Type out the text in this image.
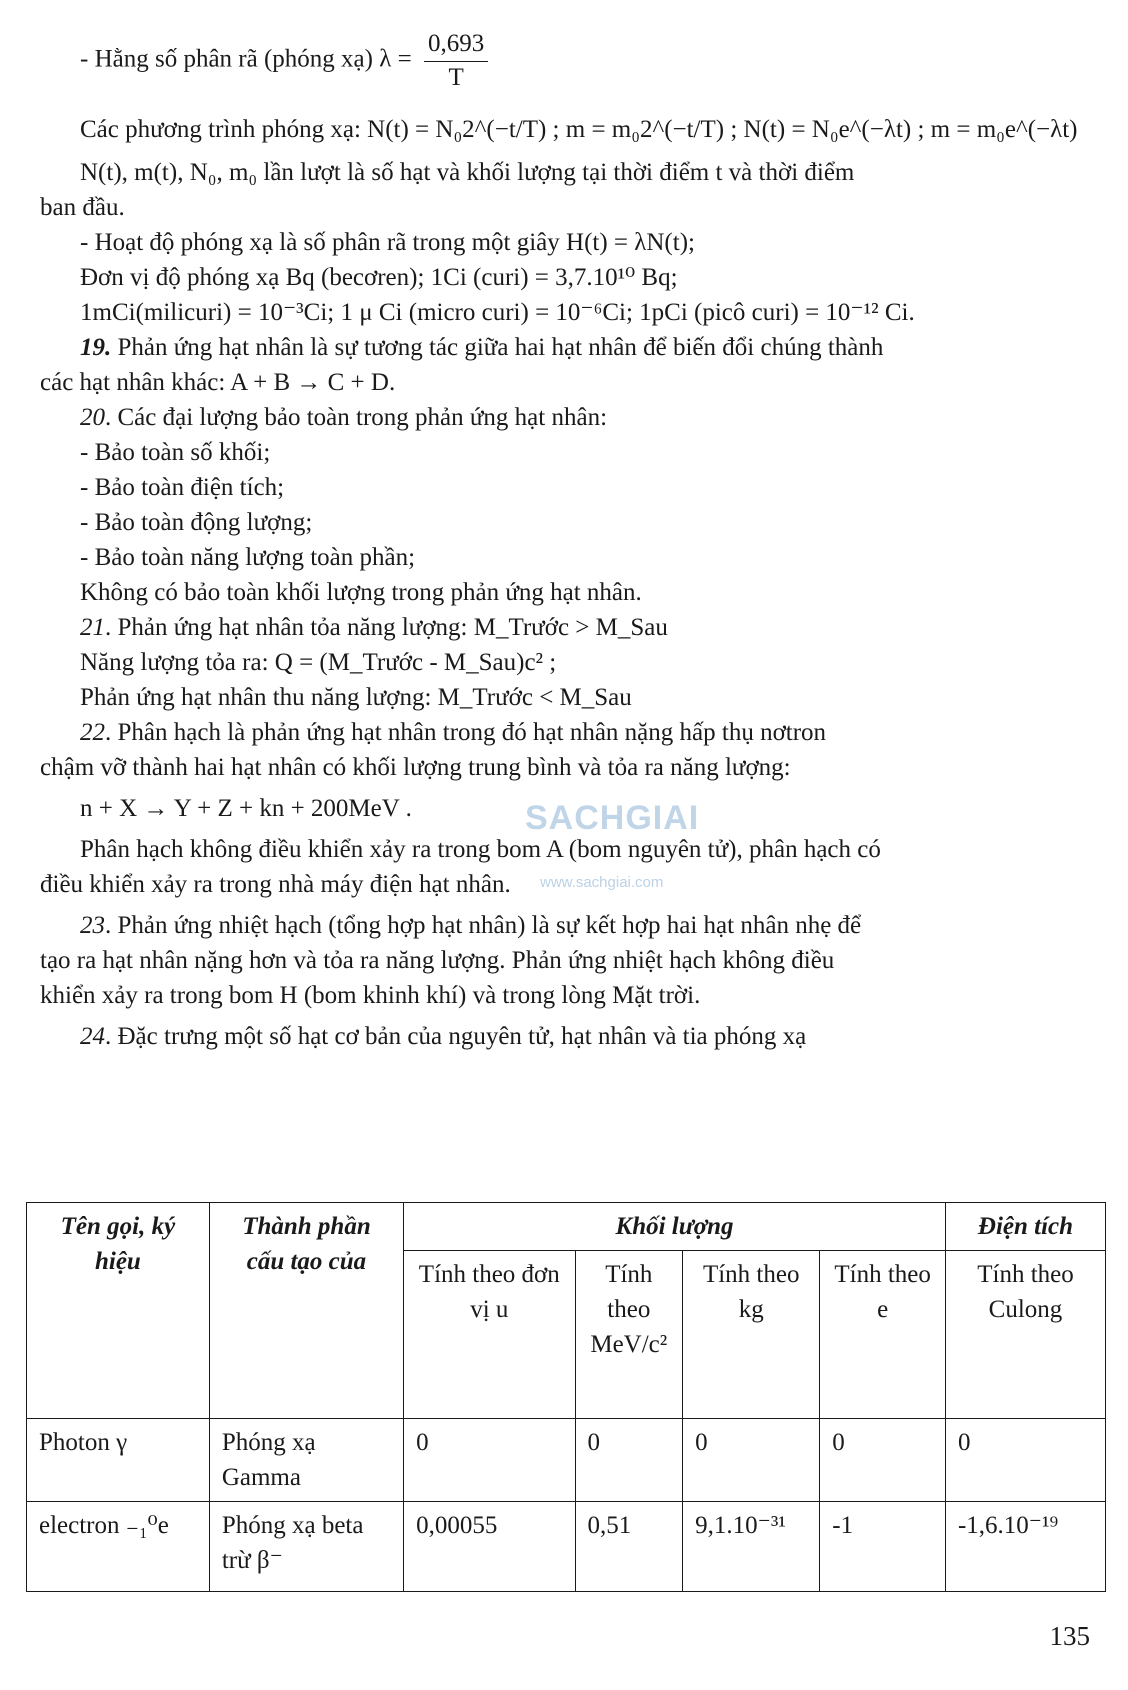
- Hằng số phân rã (phóng xạ) $\lambda = \frac{0,693}{T}$

Các phương trình phóng xạ: N(t) = N₀2^(−t/T) ; m = m₀2^(−t/T) ; N(t) = N₀e^(−λt) ; m = m₀e^(−λt)

N(t), m(t), N₀, m₀ lần lượt là số hạt và khối lượng tại thời điểm t và thời điểm

ban đầu.

- Hoạt độ phóng xạ là số phân rã trong một giây H(t) = λN(t);

Đơn vị độ phóng xạ Bq (becơren); 1Ci (curi) = 3,7.10¹⁰ Bq;

1mCi(milicuri) = 10⁻³Ci; 1 μ Ci (micro curi) = 10⁻⁶Ci; 1pCi (picô curi) = 10⁻¹² Ci.

19. Phản ứng hạt nhân là sự tương tác giữa hai hạt nhân để biến đổi chúng thành

các hạt nhân khác: A + B → C + D.

20. Các đại lượng bảo toàn trong phản ứng hạt nhân:

- Bảo toàn số khối;

- Bảo toàn điện tích;

- Bảo toàn động lượng;

- Bảo toàn năng lượng toàn phần;

Không có bảo toàn khối lượng trong phản ứng hạt nhân.

21. Phản ứng hạt nhân tỏa năng lượng: M_Trước > M_Sau

Năng lượng tỏa ra: Q = (M_Trước - M_Sau)c² ;

Phản ứng hạt nhân thu năng lượng: M_Trước < M_Sau

22. Phân hạch là phản ứng hạt nhân trong đó hạt nhân nặng hấp thụ nơtron

chậm vỡ thành hai hạt nhân có khối lượng trung bình và tỏa ra năng lượng:

n + X → Y + Z + kn + 200MeV .

Phân hạch không điều khiển xảy ra trong bom A (bom nguyên tử), phân hạch có

điều khiển xảy ra trong nhà máy điện hạt nhân.

23. Phản ứng nhiệt hạch (tổng hợp hạt nhân) là sự kết hợp hai hạt nhân nhẹ để

tạo ra hạt nhân nặng hơn và tỏa ra năng lượng. Phản ứng nhiệt hạch không điều

khiển xảy ra trong bom H (bom khinh khí) và trong lòng Mặt trời.

24. Đặc trưng một số hạt cơ bản của nguyên tử, hạt nhân và tia phóng xạ

SACHGIAI
www.sachgiai.com
Tên gọi, ký hiệu	Thành phần cấu tạo của	Khối lượng				Điện tích
		Tính theo đơn vị u	Tính theo MeV/c²	Tính theo kg	Tính theo e	Tính theo Culong
Photon γ	Phóng xạ Gamma	0	0	0	0	0
electron ₋₁⁰e	Phóng xạ beta trừ β⁻	0,00055	0,51	9,1.10⁻³¹	-1	-1,6.10⁻¹⁹
135
